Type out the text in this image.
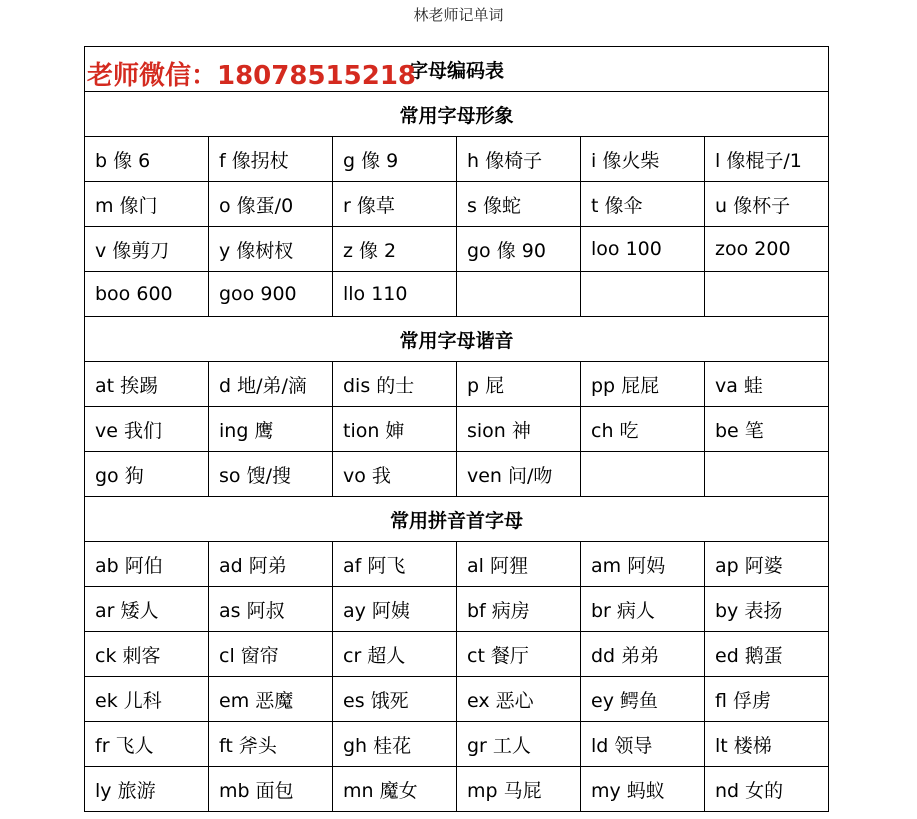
林老师记单词
老师微信：18078515218
字母编码表					
常用字母形象					
b 像 6	f 像拐杖	g 像 9	h 像椅子	i 像火柴	l 像棍子/1
m 像门	o 像蛋/0	r 像草	s 像蛇	t 像伞	u 像杯子
v 像剪刀	y 像树杈	z 像 2	go 像 90	loo 100	zoo 200
boo 600	goo 900	llo 110			
常用字母谐音					
at 挨踢	d 地/弟/滴	dis 的士	p 屁	pp 屁屁	va 蛙
ve 我们	ing 鹰	tion 婶	sion 神	ch 吃	be 笔
go 狗	so 馊/搜	vo 我	ven 问/吻		
常用拼音首字母					
ab 阿伯	ad 阿弟	af 阿飞	al 阿狸	am 阿妈	ap 阿婆
ar 矮人	as 阿叔	ay 阿姨	bf 病房	br 病人	by 表扬
ck 刺客	cl 窗帘	cr 超人	ct 餐厅	dd 弟弟	ed 鹅蛋
ek 儿科	em 恶魔	es 饿死	ex 恶心	ey 鳄鱼	fl 俘虏
fr 飞人	ft 斧头	gh 桂花	gr 工人	ld 领导	lt 楼梯
ly 旅游	mb 面包	mn 魔女	mp 马屁	my 蚂蚁	nd 女的
